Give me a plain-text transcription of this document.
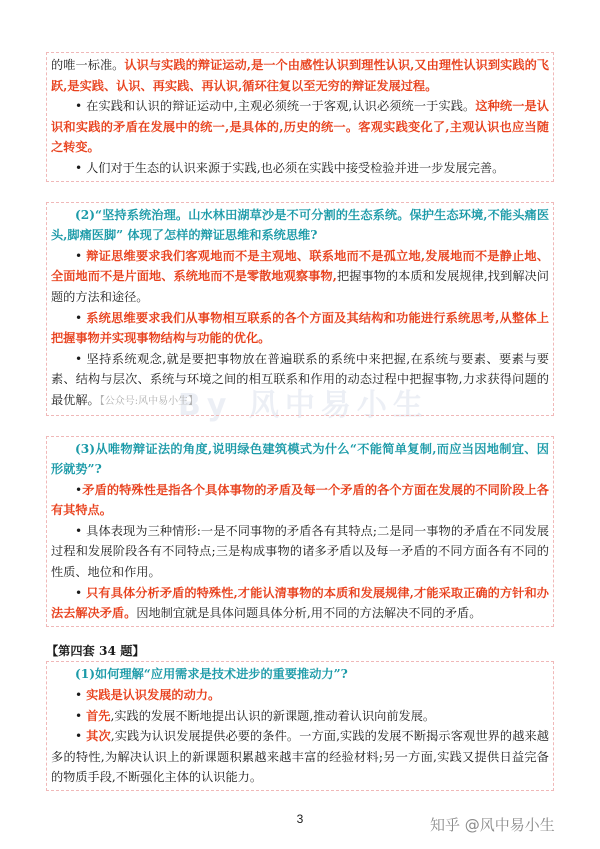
By 风中易小生

的唯一标准。认识与实践的辩证运动,是一个由感性认识到理性认识,又由理性认识到实践的飞跃,是实践、认识、再实践、再认识,循环往复以至无穷的辩证发展过程。

• 在实践和认识的辩证运动中,主观必须统一于客观,认识必须统一于实践。这种统一是认识和实践的矛盾在发展中的统一,是具体的,历史的统一。客观实践变化了,主观认识也应当随之转变。

• 人们对于生态的认识来源于实践,也必须在实践中接受检验并进一步发展完善。

(2)“坚持系统治理。山水林田湖草沙是不可分割的生态系统。保护生态环境,不能头痛医头,脚痛医脚” 体现了怎样的辩证思维和系统思维?

• 辩证思维要求我们客观地而不是主观地、联系地而不是孤立地,发展地而不是静止地、全面地而不是片面地、系统地而不是零散地观察事物,把握事物的本质和发展规律,找到解决问题的方法和途径。

• 系统思维要求我们从事物相互联系的各个方面及其结构和功能进行系统思考,从整体上把握事物并实现事物结构与功能的优化。

• 坚持系统观念,就是要把事物放在普遍联系的系统中来把握,在系统与要素、要素与要素、结构与层次、系统与环境之间的相互联系和作用的动态过程中把握事物,力求获得问题的最优解。【公众号:风中易小生】

(3)从唯物辩证法的角度,说明绿色建筑模式为什么“不能简单复制,而应当因地制宜、因形就势”?

•矛盾的特殊性是指各个具体事物的矛盾及每一个矛盾的各个方面在发展的不同阶段上各有其特点。

• 具体表现为三种情形:一是不同事物的矛盾各有其特点;二是同一事物的矛盾在不同发展过程和发展阶段各有不同特点;三是构成事物的诸多矛盾以及每一矛盾的不同方面各有不同的性质、地位和作用。

• 只有具体分析矛盾的特殊性,才能认清事物的本质和发展规律,才能采取正确的方针和办法去解决矛盾。因地制宜就是具体问题具体分析,用不同的方法解决不同的矛盾。

【第四套 34 题】

(1)如何理解“应用需求是技术进步的重要推动力”?

• 实践是认识发展的动力。

• 首先,实践的发展不断地提出认识的新课题,推动着认识向前发展。

• 其次,实践为认识发展提供必要的条件。一方面,实践的发展不断揭示客观世界的越来越多的特性,为解决认识上的新课题积累越来越丰富的经验材料;另一方面,实践又提供日益完备的物质手段,不断强化主体的认识能力。

3	知乎 @风中易小生
